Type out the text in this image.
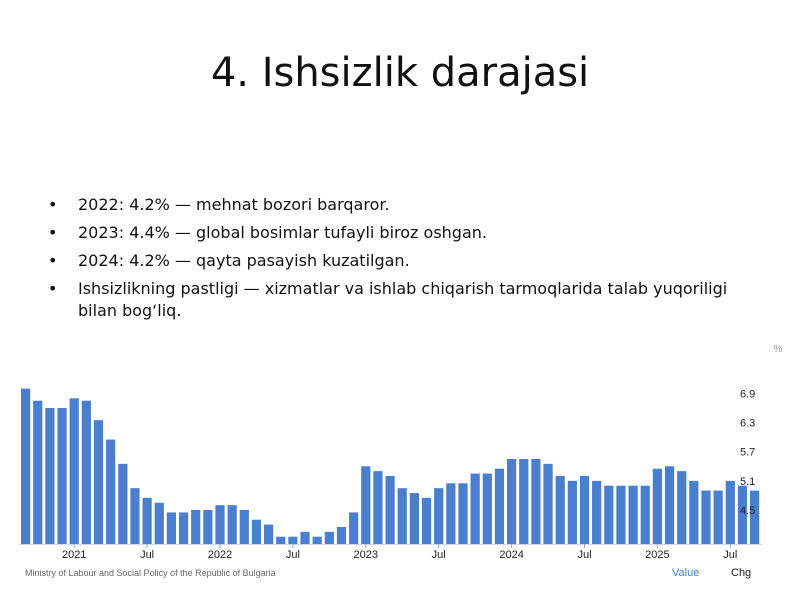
4. Ishsizlik darajasi
•	2022: 4.2% — mehnat bozori barqaror.
•	2023: 4.4% — global bosimlar tufayli biroz oshgan.
•	2024: 4.2% — qayta pasayish kuzatilgan.
•	Ishsizlikning pastligi — xizmatlar va ishlab chiqarish tarmoqlarida talab yuqoriligi bilan bog‘liq.
2021	Jul	2022	Jul	2023	Jul	2024	Jul	2025	Jul
6.9
6.3
5.7
5.1
4.5
%
Ministry of Labour and Social Policy of the Republic of Bulgaria	Value	Chg
